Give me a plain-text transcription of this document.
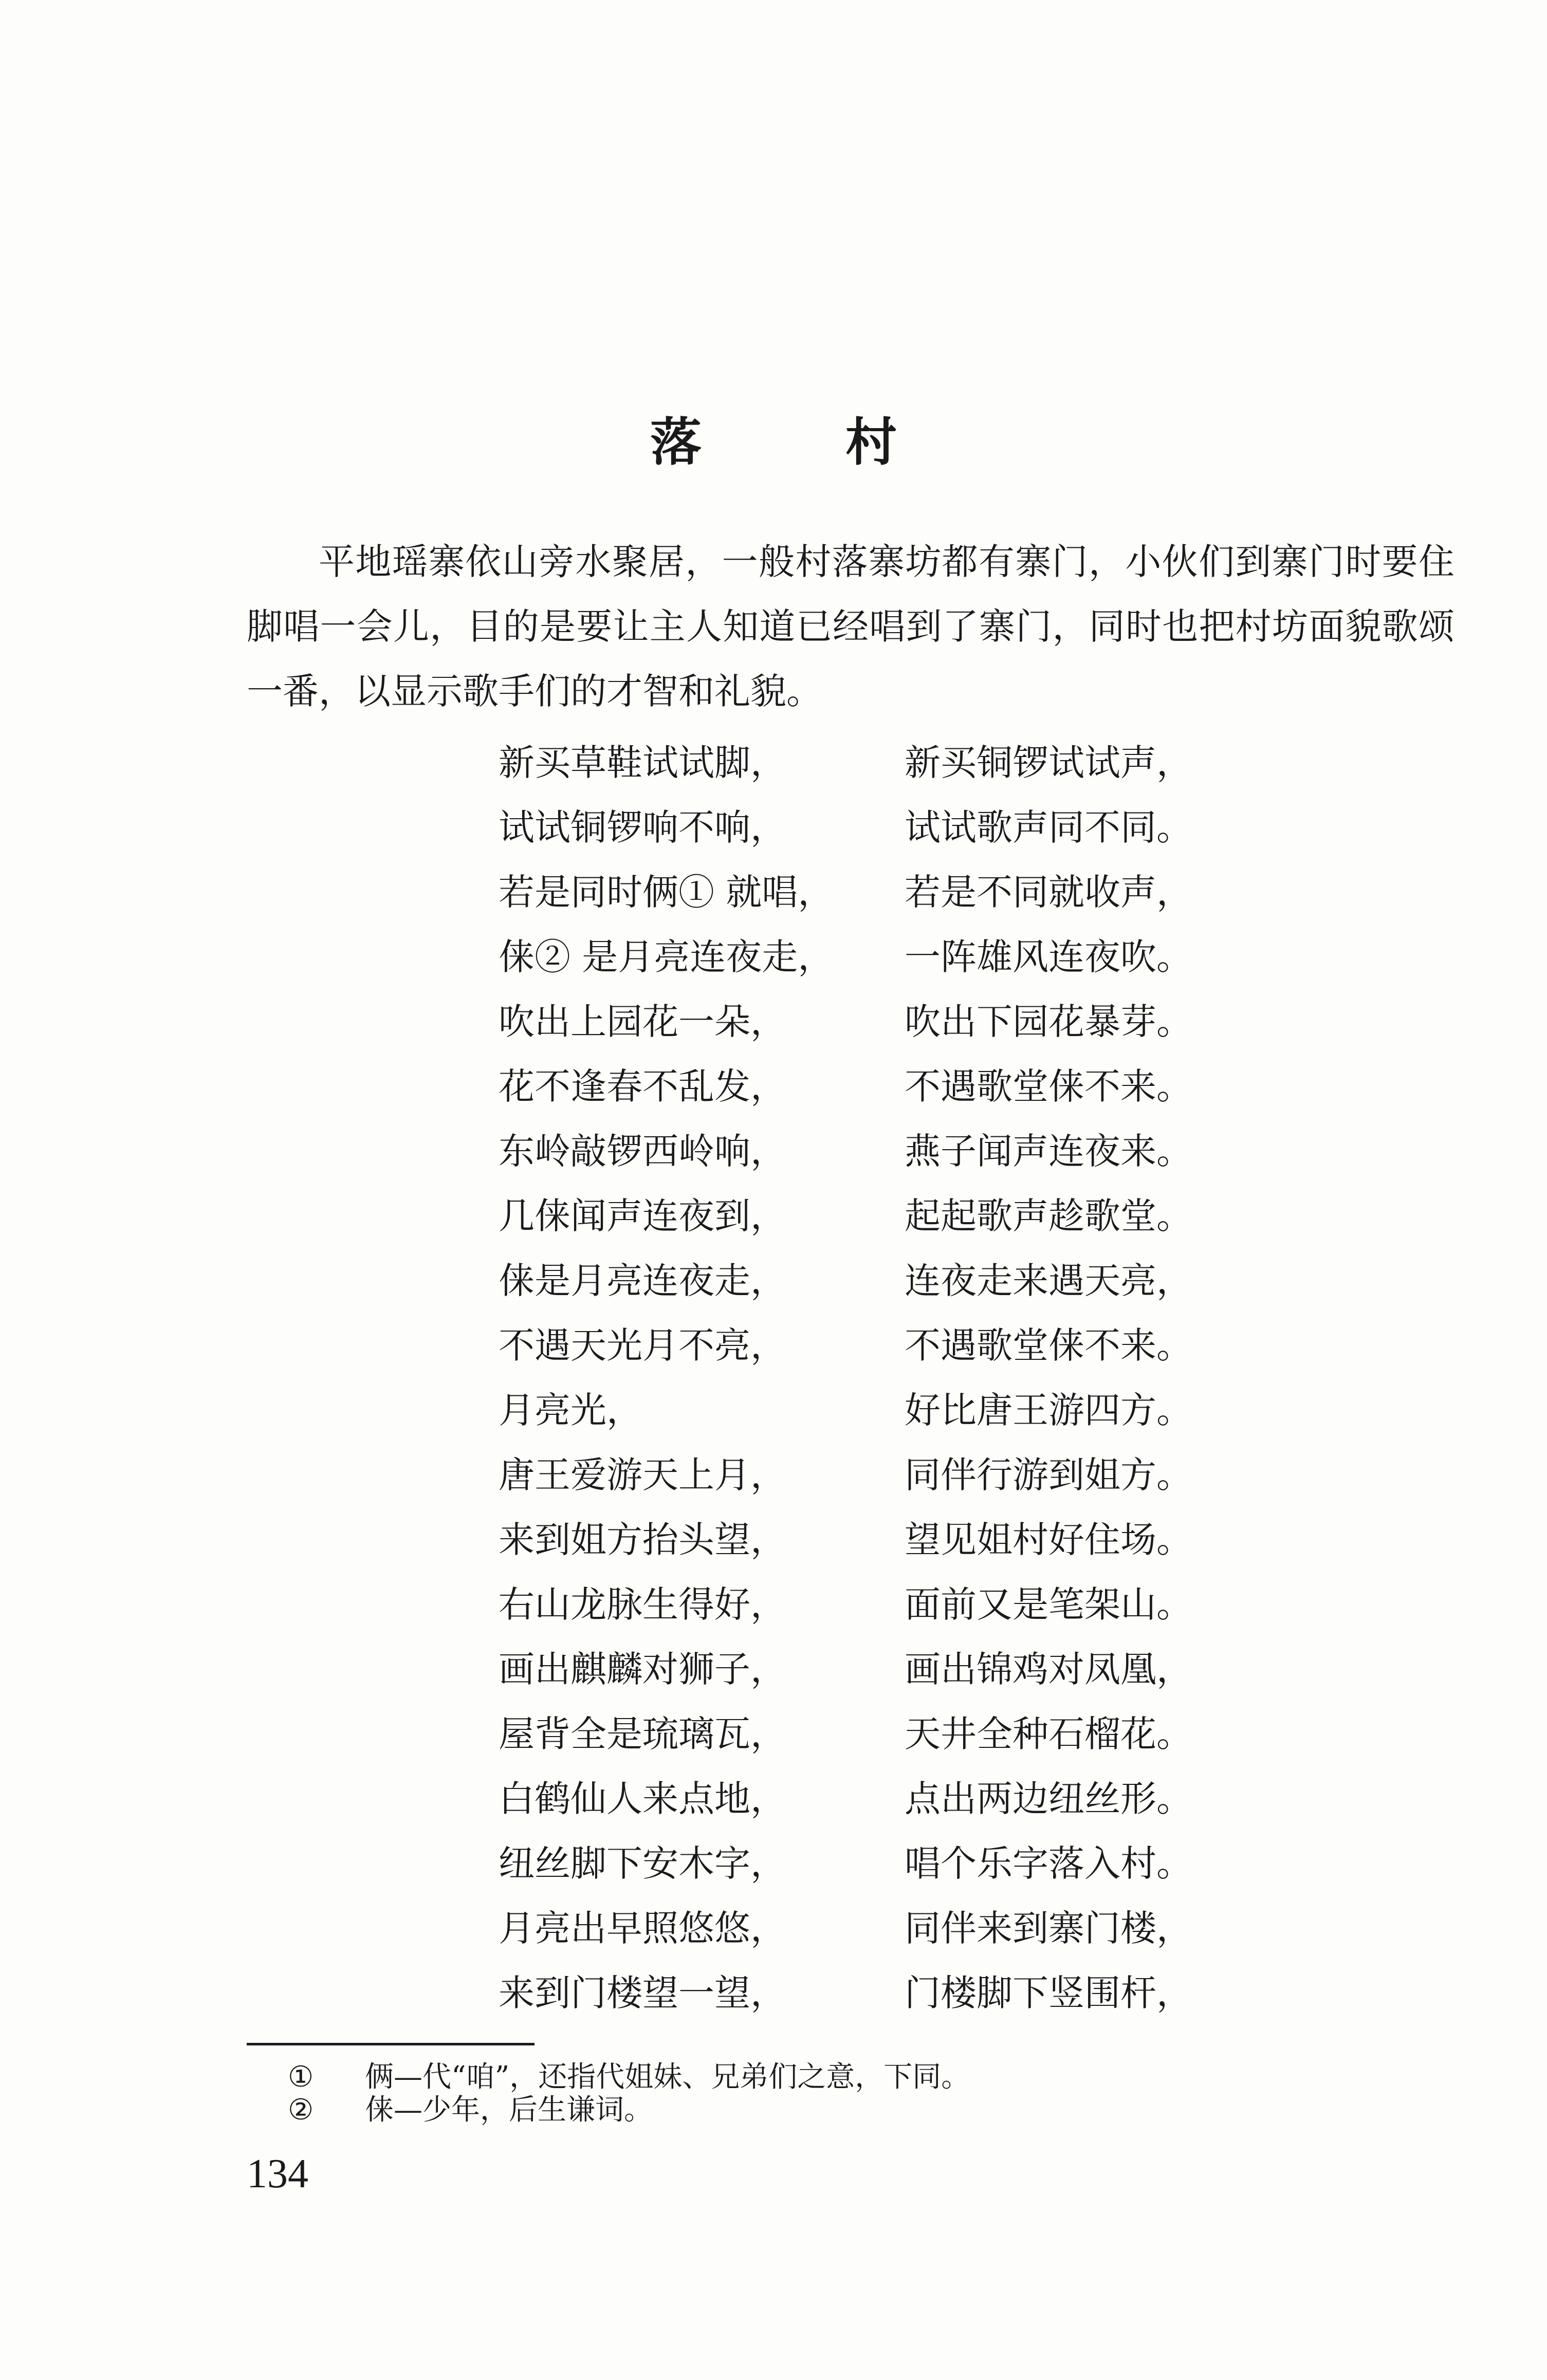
落　村

平地瑶寨依山旁水聚居，一般村落寨坊都有寨门，小伙们到寨门时要住脚唱一会儿，目的是要让主人知道已经唱到了寨门，同时也把村坊面貌歌颂一番，以显示歌手们的才智和礼貌。

新买草鞋试试脚，	新买铜锣试试声，
试试铜锣响不响，	试试歌声同不同。
若是同时俩① 就唱，	若是不同就收声，
俫② 是月亮连夜走，	一阵雄风连夜吹。
吹出上园花一朵，	吹出下园花暴芽。
花不逢春不乱发，	不遇歌堂俫不来。
东岭敲锣西岭响，	燕子闻声连夜来。
几俫闻声连夜到，	起起歌声趁歌堂。
俫是月亮连夜走，	连夜走来遇天亮，
不遇天光月不亮，	不遇歌堂俫不来。
月亮光，	好比唐王游四方。
唐王爱游天上月，	同伴行游到姐方。
来到姐方抬头望，	望见姐村好住场。
右山龙脉生得好，	面前又是笔架山。
画出麒麟对狮子，	画出锦鸡对凤凰，
屋背全是琉璃瓦，	天井全种石榴花。
白鹤仙人来点地，	点出两边纽丝形。
纽丝脚下安木字，	唱个乐字落入村。
月亮出早照悠悠，	同伴来到寨门楼，
来到门楼望一望，	门楼脚下竖围杆，
①	俩—代“咱”，还指代姐妹、兄弟们之意，下同。
②	俫—少年，后生谦词。
134
